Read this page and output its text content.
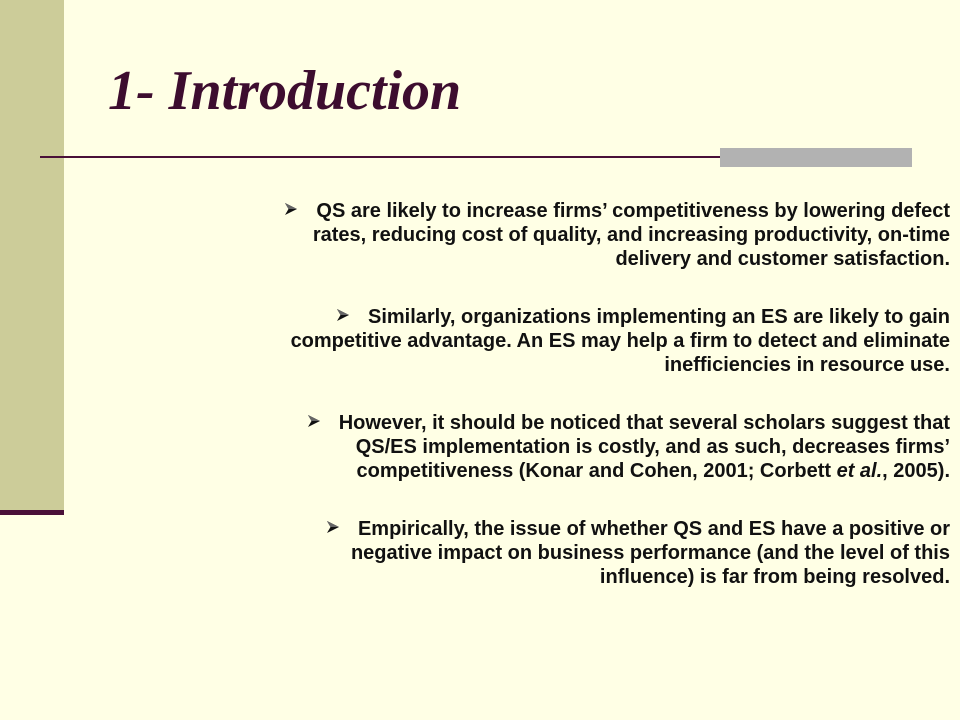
1- Introduction
QS are likely to increase firms’ competitiveness by lowering defect
rates, reducing cost of quality, and increasing productivity, on-time
delivery and customer satisfaction.
Similarly, organizations implementing an ES are likely to gain
competitive advantage. An ES may help a firm to detect and eliminate
inefficiencies in resource use.
However, it should be noticed that several scholars suggest that
QS/ES implementation is costly, and as such, decreases firms’
competitiveness (Konar and Cohen, 2001; Corbett et al., 2005).
Empirically, the issue of whether QS and ES have a positive or
negative impact on business performance (and the level of this
influence) is far from being resolved.
